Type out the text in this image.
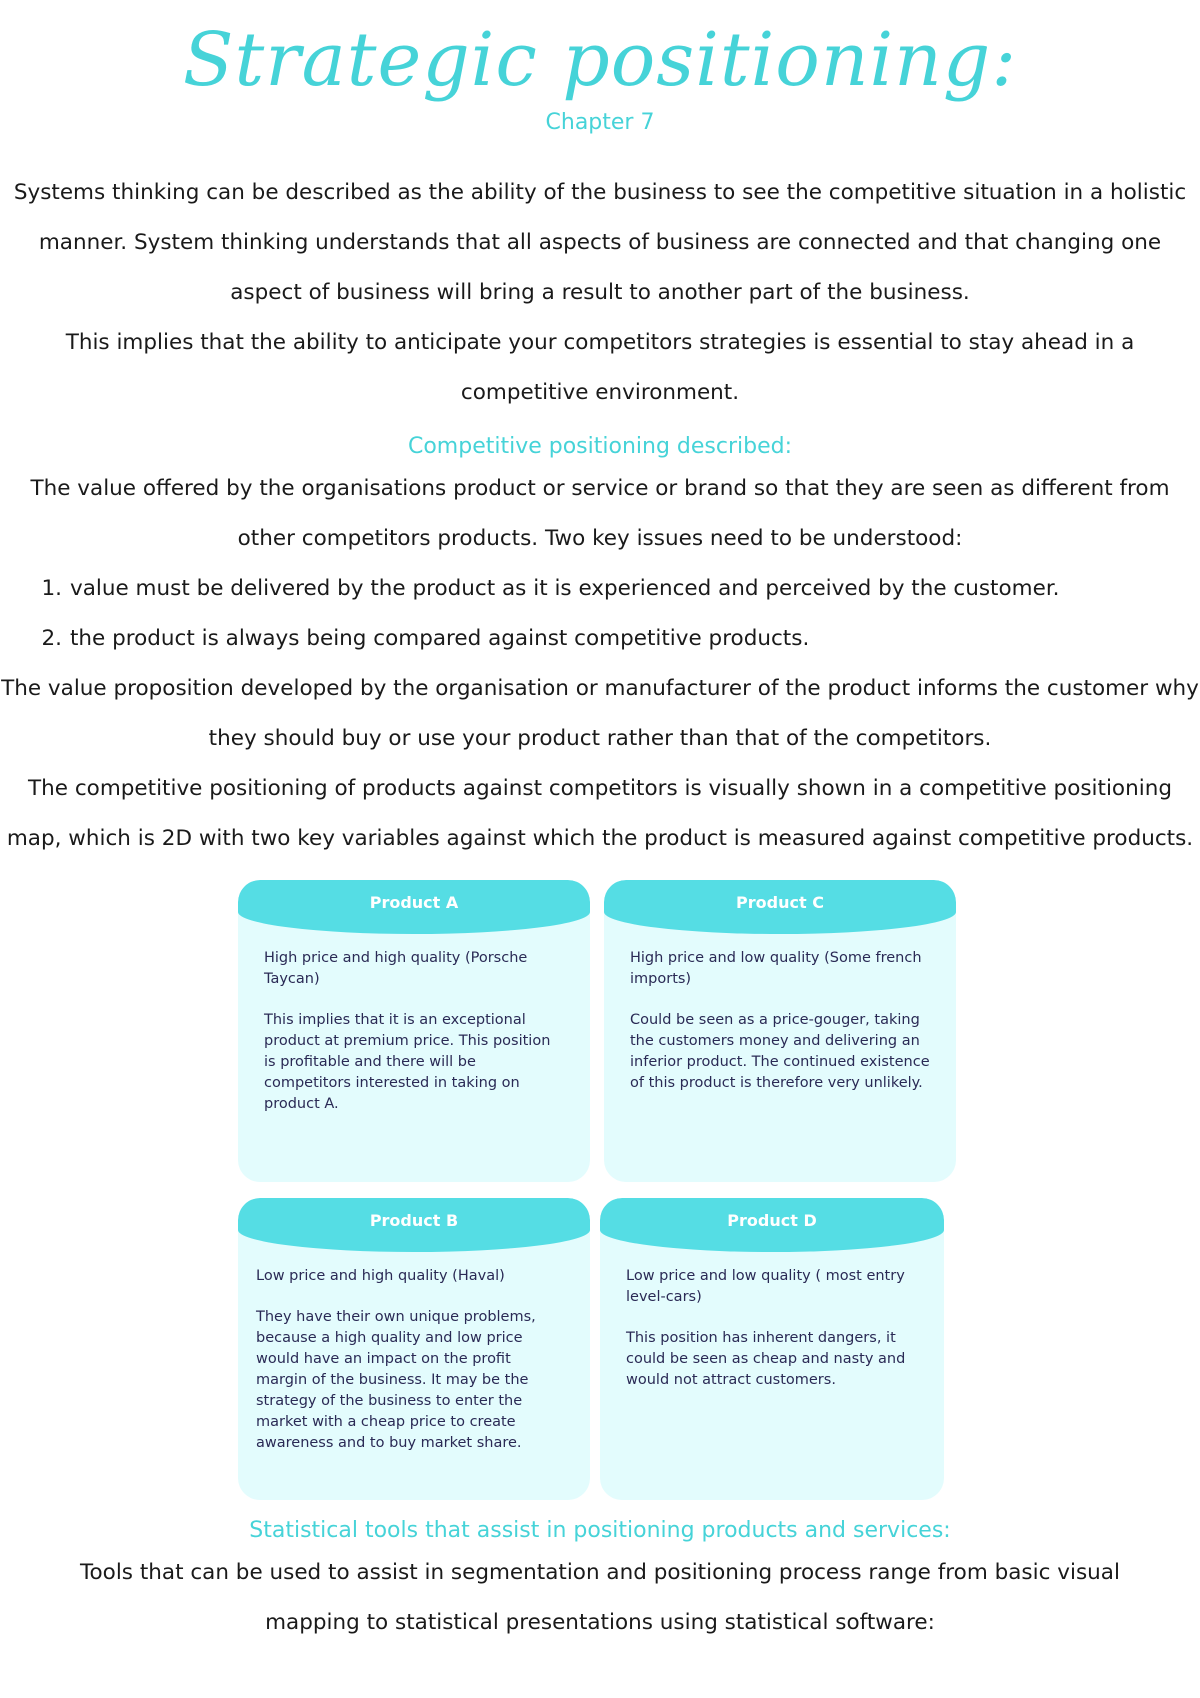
Strategic positioning:
Chapter 7
Systems thinking can be described as the ability of the business to see the competitive situation in a holistic manner. System thinking understands that all aspects of business are connected and that changing one aspect of business will bring a result to another part of the business.
This implies that the ability to anticipate your competitors strategies is essential to stay ahead in a competitive environment.
Competitive positioning described:
The value offered by the organisations product or service or brand so that they are seen as different from other competitors products. Two key issues need to be understood:
1. value must be delivered by the product as it is experienced and perceived by the customer.
2. the product is always being compared against competitive products.
The value proposition developed by the organisation or manufacturer of the product informs the customer why they should buy or use your product rather than that of the competitors.
The competitive positioning of products against competitors is visually shown in a competitive positioning map, which is 2D with two key variables against which the product is measured against competitive products.
Product A

High price and high quality (Porsche Taycan)

This implies that it is an exceptional product at premium price. This position is profitable and there will be competitors interested in taking on product A.

Product C

High price and low quality (Some french imports)

Could be seen as a price-gouger, taking the customers money and delivering an inferior product. The continued existence of this product is therefore very unlikely.

Product B

Low price and high quality (Haval)

They have their own unique problems, because a high quality and low price would have an impact on the profit margin of the business. It may be the strategy of the business to enter the market with a cheap price to create awareness and to buy market share.

Product D

Low price and low quality ( most entry level-cars)

This position has inherent dangers, it could be seen as cheap and nasty and would not attract customers.

Statistical tools that assist in positioning products and services:
Tools that can be used to assist in segmentation and positioning process range from basic visual mapping to statistical presentations using statistical software:
